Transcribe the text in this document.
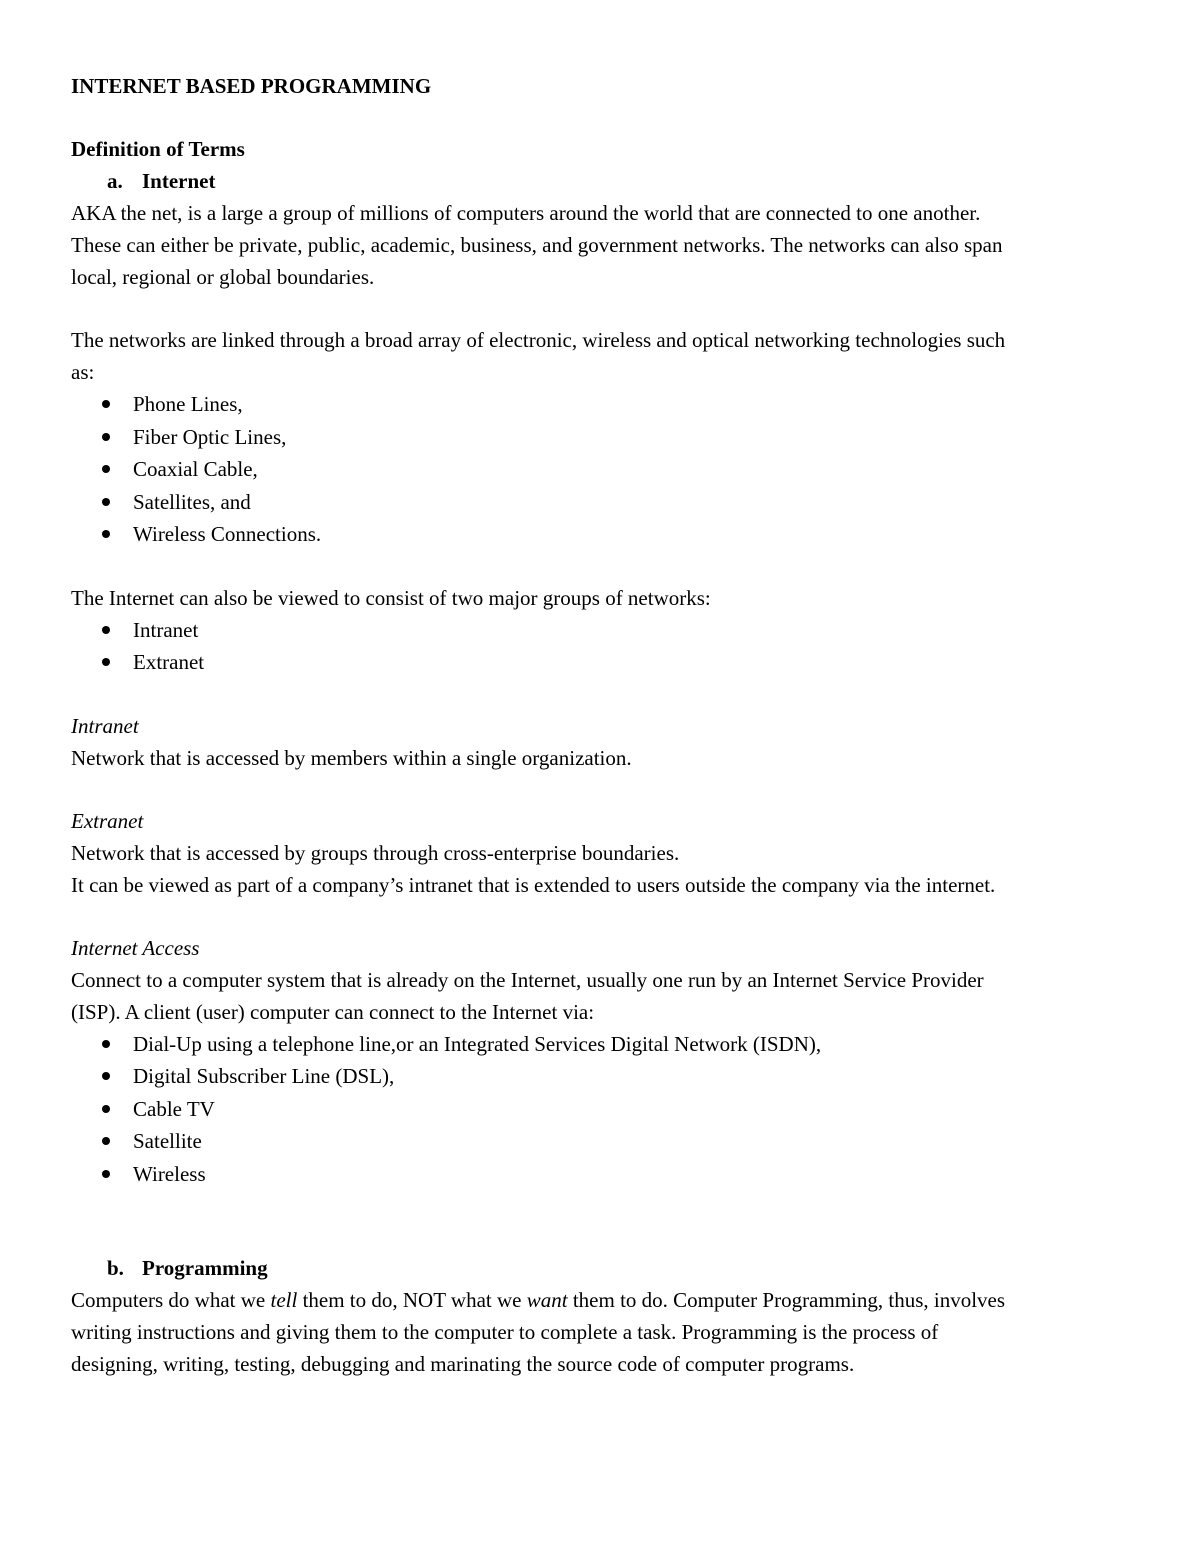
INTERNET BASED PROGRAMMING
Definition of Terms
a. Internet
AKA the net, is a large a group of millions of computers around the world that are connected to one another.
These can either be private, public, academic, business, and government networks. The networks can also span
local, regional or global boundaries.
The networks are linked through a broad array of electronic, wireless and optical networking technologies such
as:
Phone Lines,
Fiber Optic Lines,
Coaxial Cable,
Satellites, and
Wireless Connections.
The Internet can also be viewed to consist of two major groups of networks:
Intranet
Extranet
Intranet
Network that is accessed by members within a single organization.
Extranet
Network that is accessed by groups through cross-enterprise boundaries.
It can be viewed as part of a company’s intranet that is extended to users outside the company via the internet.
Internet Access
Connect to a computer system that is already on the Internet, usually one run by an Internet Service Provider
(ISP). A client (user) computer can connect to the Internet via:
Dial-Up using a telephone line,or an Integrated Services Digital Network (ISDN),
Digital Subscriber Line (DSL),
Cable TV
Satellite
Wireless
b. Programming
Computers do what we tell them to do, NOT what we want them to do. Computer Programming, thus, involves
writing instructions and giving them to the computer to complete a task. Programming is the process of
designing, writing, testing, debugging and marinating the source code of computer programs.
